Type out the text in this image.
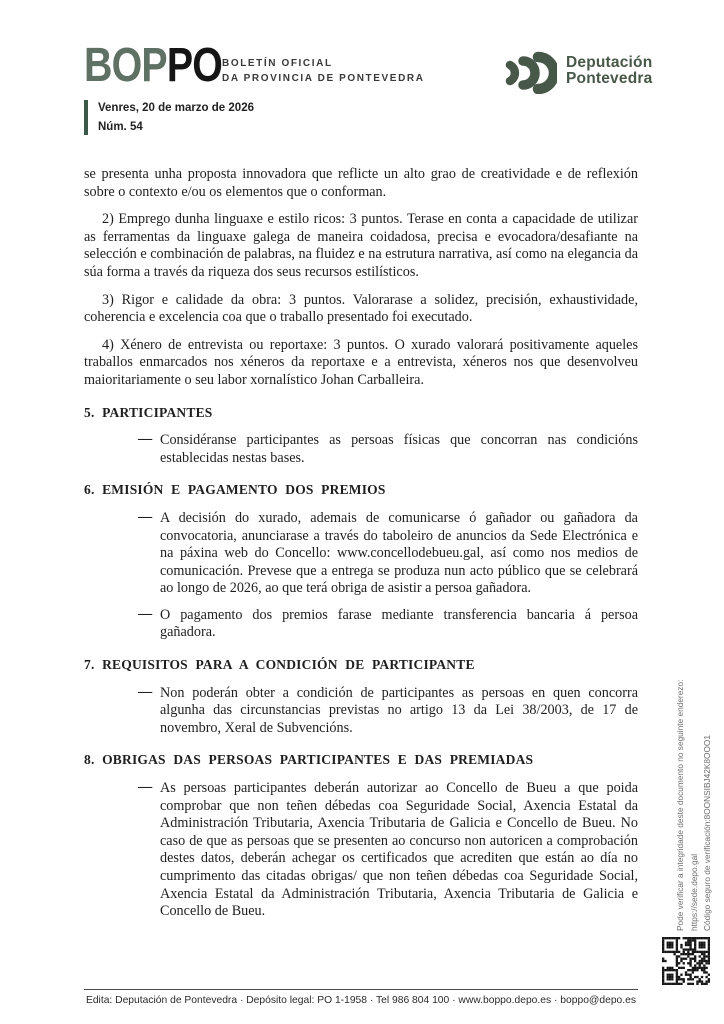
BOPPO BOLETÍN OFICIAL
DA PROVINCIA DE PONTEVEDRA
Deputación
Pontevedra
Venres, 20 de marzo de 2026
Núm. 54

se presenta unha proposta innovadora que reflicte un alto grao de creatividade e de reflexión sobre o contexto e/ou os elementos que o conforman.

2) Emprego dunha linguaxe e estilo ricos: 3 puntos. Terase en conta a capacidade de utilizar as ferramentas da linguaxe galega de maneira coidadosa, precisa e evocadora/desafiante na selección e combinación de palabras, na fluidez e na estrutura narrativa, así como na elegancia da súa forma a través da riqueza dos seus recursos estilísticos.

3) Rigor e calidade da obra: 3 puntos. Valorarase a solidez, precisión, exhaustividade, coherencia e excelencia coa que o traballo presentado foi executado.

4) Xénero de entrevista ou reportaxe: 3 puntos. O xurado valorará positivamente aqueles traballos enmarcados nos xéneros da reportaxe e a entrevista, xéneros nos que desenvolveu maioritariamente o seu labor xornalístico Johan Carballeira.

5. PARTICIPANTES
— Considéranse participantes as persoas físicas que concorran nas condicións establecidas nestas bases.
6. EMISIÓN E PAGAMENTO DOS PREMIOS
— A decisión do xurado, ademais de comunicarse ó gañador ou gañadora da convocatoria, anunciarase a través do taboleiro de anuncios da Sede Electrónica e na páxina web do Concello: www.concellodebueu.gal, así como nos medios de comunicación. Prevese que a entrega se produza nun acto público que se celebrará ao longo de 2026, ao que terá obriga de asistir a persoa gañadora.
— O pagamento dos premios farase mediante transferencia bancaria á persoa gañadora.
7. REQUISITOS PARA A CONDICIÓN DE PARTICIPANTE
— Non poderán obter a condición de participantes as persoas en quen concorra algunha das circunstancias previstas no artigo 13 da Lei 38/2003, de 17 de novembro, Xeral de Subvencións.
8. OBRIGAS DAS PERSOAS PARTICIPANTES E DAS PREMIADAS
— As persoas participantes deberán autorizar ao Concello de Bueu a que poida comprobar que non teñen débedas coa Seguridade Social, Axencia Estatal da Administración Tributaria, Axencia Tributaria de Galicia e Concello de Bueu. No caso de que as persoas que se presenten ao concurso non autoricen a comprobación destes datos, deberán achegar os certificados que acrediten que están ao día no cumprimento das citadas obrigas/ que non teñen débedas coa Seguridade Social, Axencia Estatal da Administración Tributaria, Axencia Tributaria de Galicia e Concello de Bueu.	Pode verificar a integridade deste documento no seguinte enderezo: https://sede.depo.gal Código seguro de verificación:8OONSIBJ42K8OOO1
Edita: Deputación de Pontevedra · Depósito legal: PO 1-1958 · Tel 986 804 100 · www.boppo.depo.es · boppo@depo.es
